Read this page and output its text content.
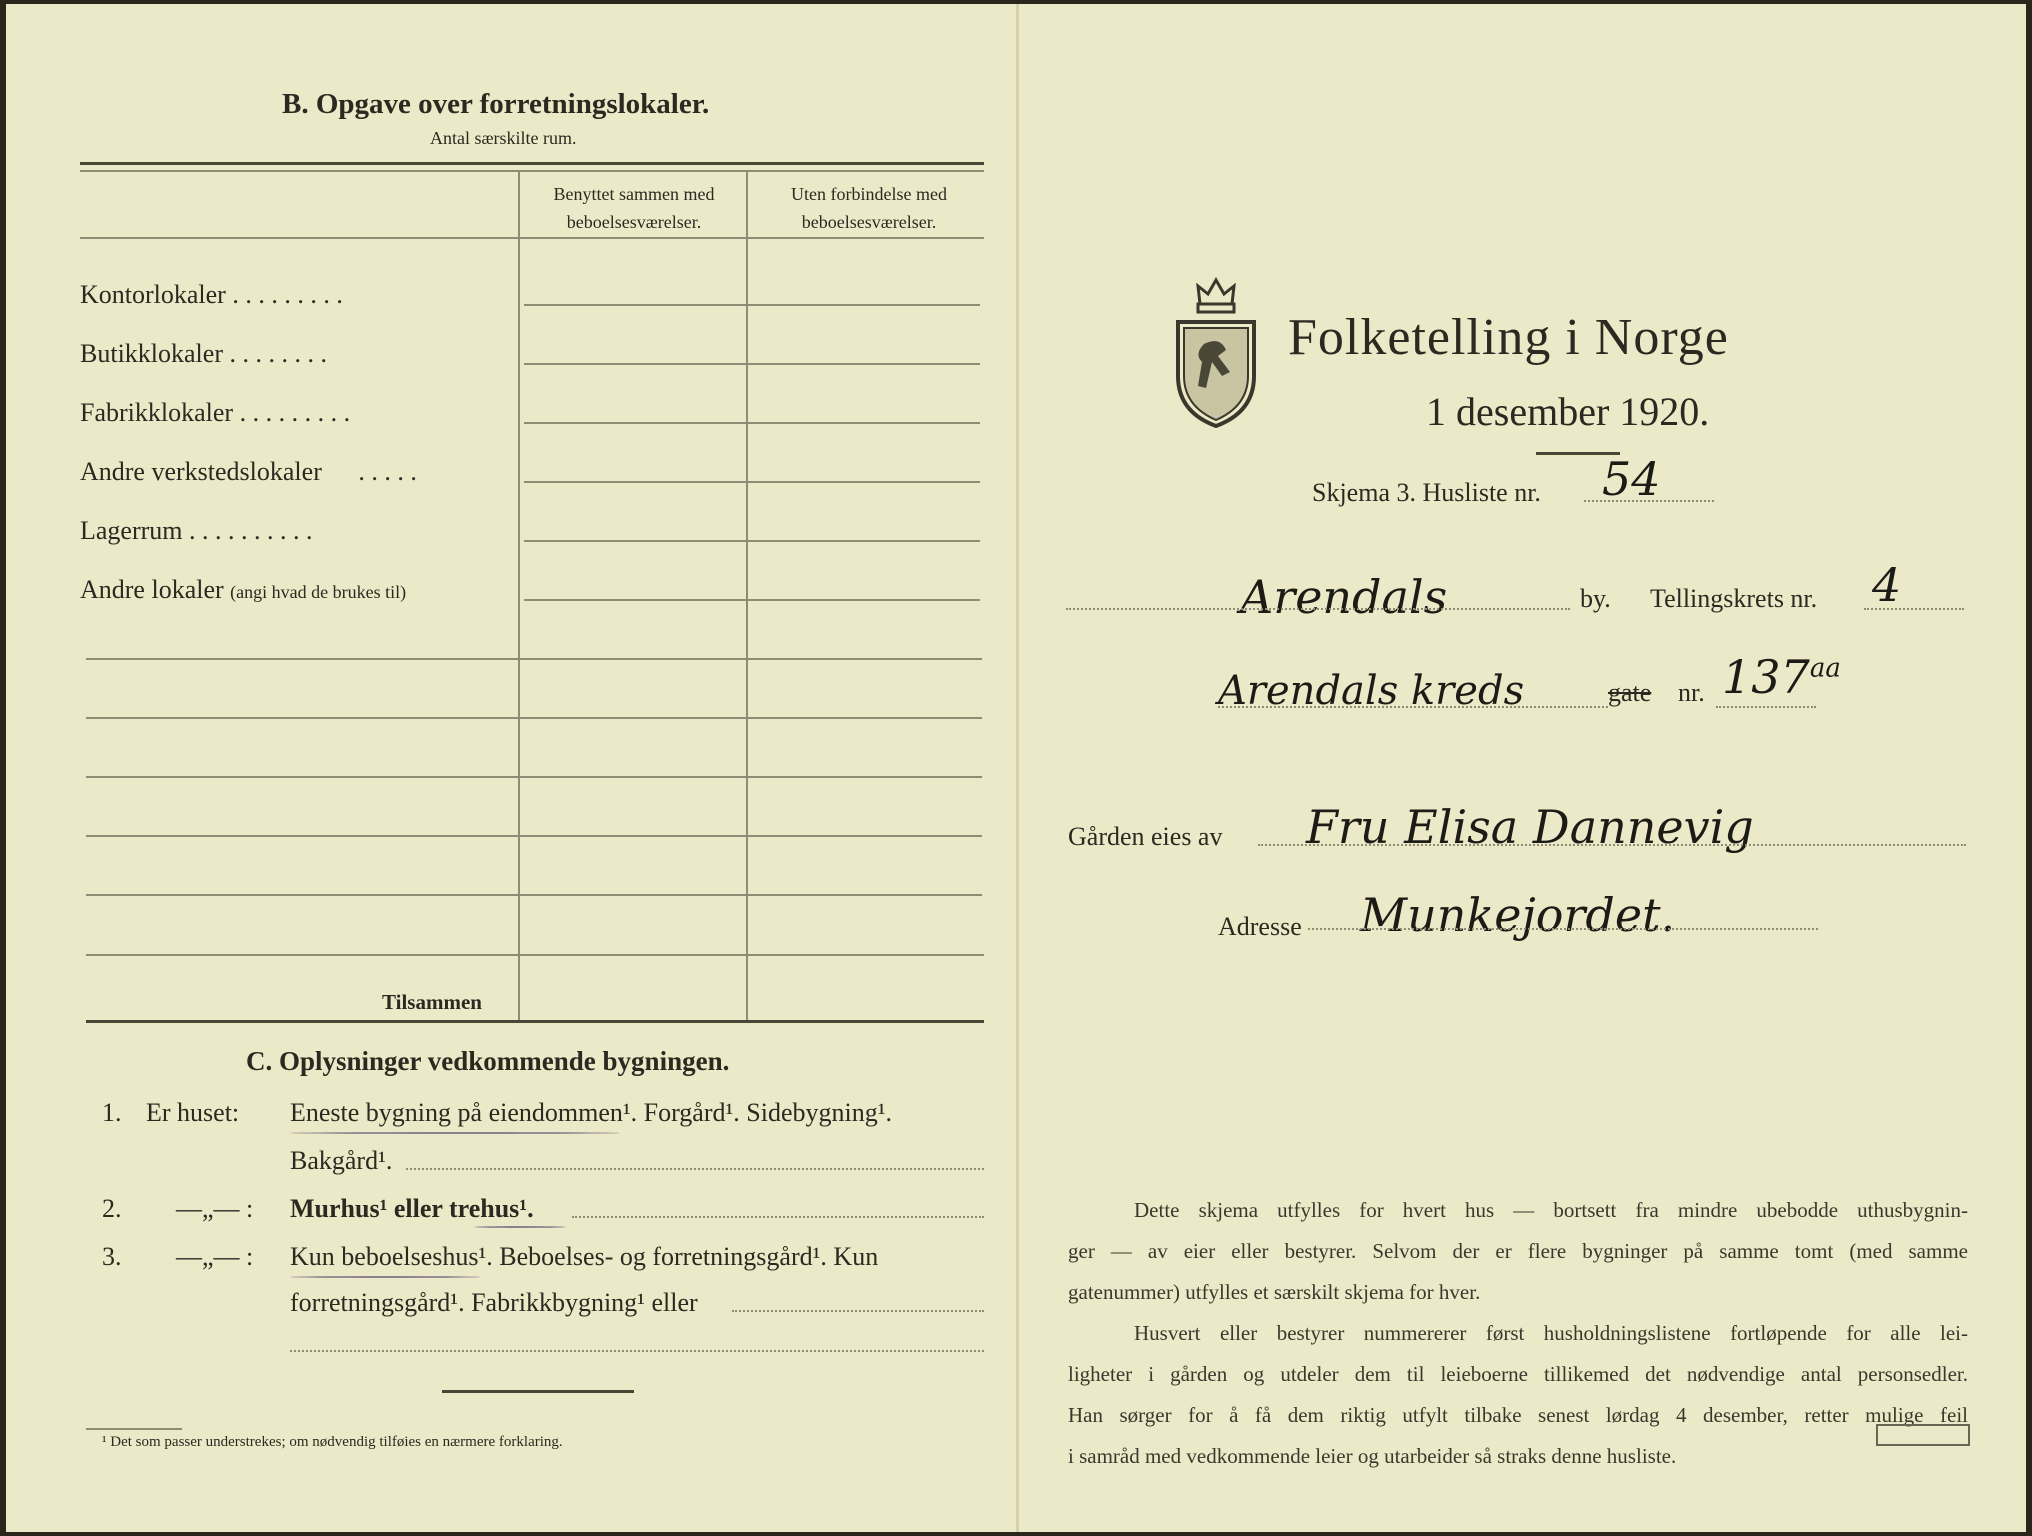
B. Opgave over forretningslokaler.
Antal særskilte rum.
Benyttet sammen med
beboelsesværelser.
Uten forbindelse med
beboelsesværelser.
Kontorlokaler . . . . . . . . .
Butikklokaler . . . . . . . .
Fabrikklokaler . . . . . . . . .
Andre verkstedslokaler . . . . .
Lagerrum . . . . . . . . . .
Andre lokaler (angi hvad de brukes til)
Tilsammen
C. Oplysninger vedkommende bygningen.
1. Er huset: Eneste bygning på eiendommen¹. Forgård¹. Sidebygning¹.
Bakgård¹.
2. —„— : Murhus¹ eller trehus¹.
3. —„— : Kun beboelseshus¹. Beboelses- og forretningsgård¹. Kun
forretningsgård¹. Fabrikkbygning¹ eller
¹ Det som passer understrekes; om nødvendig tilføies en nærmere forklaring.
Folketelling i Norge
1 desember 1920.
Skjema 3. Husliste nr. 54
Arendals	by. Tellingskrets nr. 4
Arendals kreds	gate nr. $137^{aa}$
Gården eies av Fru Elisa Dannevig
Adresse Munkejordet.
Dette skjema utfylles for hvert hus — bortsett fra mindre ubebodde uthusbygnin-
ger — av eier eller bestyrer. Selvom der er flere bygninger på samme tomt (med samme
gatenummer) utfylles et særskilt skjema for hver.
Husvert eller bestyrer nummererer først husholdningslistene fortløpende for alle lei-
ligheter i gården og utdeler dem til leieboerne tillikemed det nødvendige antal personsedler.
Han sørger for å få dem riktig utfylt tilbake senest lørdag 4 desember, retter mulige feil
i samråd med vedkommende leier og utarbeider så straks denne husliste.
